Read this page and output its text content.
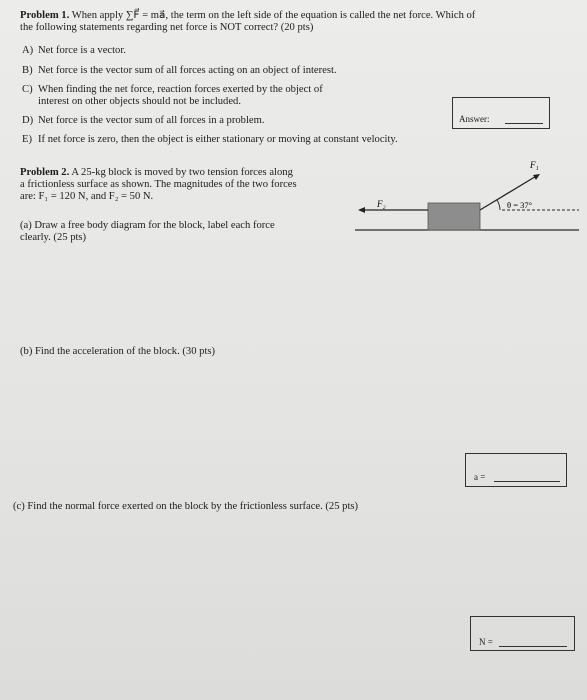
Problem 1. When apply ∑F⃗ = ma⃗, the term on the left side of the equation is called the net force. Which of
the following statements regarding net force is NOT correct? (20 pts)
A) Net force is a vector.
B) Net force is the vector sum of all forces acting on an object of interest.
C) When finding the net force, reaction forces exerted by the object of
interest on other objects should not be included.
D) Net force is the vector sum of all forces in a problem.
E) If net force is zero, then the object is either stationary or moving at constant velocity.
Answer:
Problem 2. A 25-kg block is moved by two tension forces along
a frictionless surface as shown. The magnitudes of the two forces
are: F₁ = 120 N, and F₂ = 50 N.
(a) Draw a free body diagram for the block, label each force
clearly. (25 pts)
F₁
F₂	θ = 37°
(b) Find the acceleration of the block. (30 pts)
a =
(c) Find the normal force exerted on the block by the frictionless surface. (25 pts)
N =
